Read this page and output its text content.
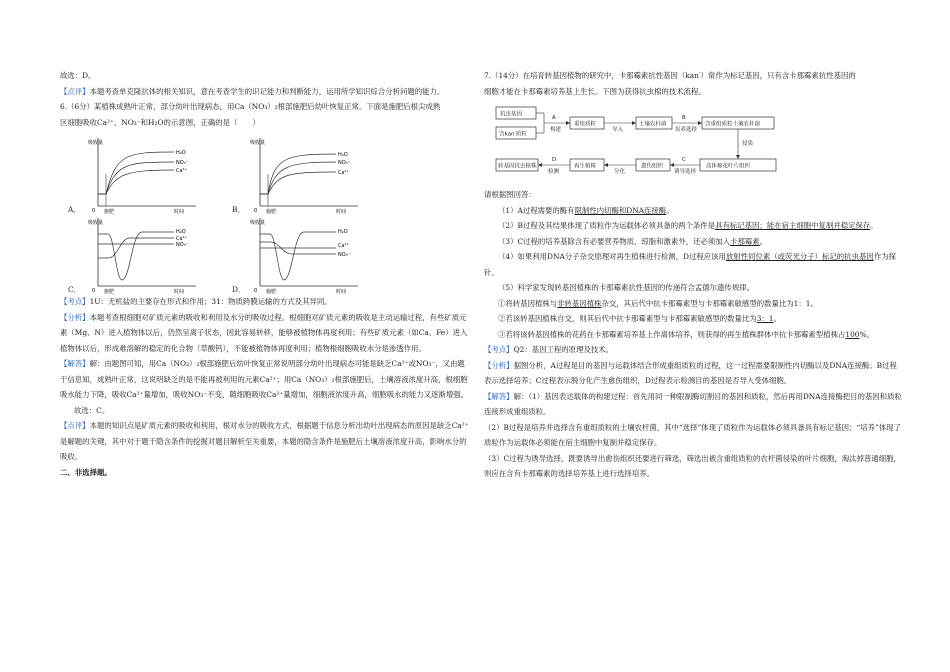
故选：D。

【点评】本题考查单克隆抗体的相关知识，意在考查学生的识记能力和判断能力，运用所学知识综合分析问题的能力。

6.（6分）某植株成熟叶正常，部分幼叶出现病态，用Ca（NO₃）₂根部施肥后幼叶恢复正常。下面是施肥后根尖成熟

区细胞吸收Ca²⁺、NO₃⁻和H₂O的示意图，正确的是（　　）

A．
吸收量
时间
0 施肥
H₂O
NO₃⁻
Ca²⁺
B．
吸收量
时间
0 施肥
H₂O
NO₃⁻
Ca²⁺
C．
吸收量
时间
0 施肥
H₂O
NO₃⁻
Ca²⁺
D．
吸收量
时间
0 施肥
H₂O
NO₃⁻
Ca²⁺

【考点】1U：无机盐的主要存在形式和作用；31：物质跨膜运输的方式及其异同。

【分析】本题考查根细胞对矿质元素的吸收和利用及水分的吸收过程。根细胞对矿质元素的吸收是主动运输过程，有些矿质元素（Mg、N）进入植物体以后，仍然呈离子状态，因此容易转移，能够被植物体再度利用；有些矿质元素（如Ca、Fe）进入植物体以后，形成难溶解的稳定的化合物（草酸钙），不能被植物体再度利用；植物根细胞吸收水分是渗透作用。

【解答】解：由题图可知，用Ca（NO₃）₂根部施肥后幼叶恢复正常说明部分幼叶出现病态可能是缺乏Ca²⁺或NO₃⁻，又由题干信息知，成熟叶正常，这说明缺乏的是不能再被利用的元素Ca²⁺；用Ca（NO₃）₂根部施肥后，土壤溶液浓度升高，根细胞吸水能力下降，吸收Ca²⁺量增加，吸收NO₃⁻不变，随细胞吸收Ca²⁺量增加，细胞液浓度升高，细胞吸水的能力又逐渐增强。

故选：C。

【点评】本题的知识点是矿质元素的吸收和利用，根对水分的吸收方式，根据题干信息分析出幼叶出现病态的原因是缺乏Ca²⁺是解题的关键，其中对于题干隐含条件的挖掘对题目解析至关重要，本题的隐含条件是施肥后土壤溶液浓度升高，影响水分的吸收。

二、非选择题。

7.（14分）在培育转基因植物的研究中，卡那霉素抗性基因（kan′）常作为标记基因，只有含卡那霉素抗性基因的

细胞才能在卡那霉素培养基上生长。下图为获得抗虫棉的技术流程。

抗虫基因
含kan′质粒
A
构建
重组质粒
导入
土壤农杆菌
B
培养选择
含重组质粒土壤农杆菌
侵染
高体棉花叶片组织
C
诱导选择
愈伤组织
分化
再生植株
D
检测
转基因抗虫植株

请根据图回答：

（1）A过程需要的酶有限制性内切酶和DNA连接酶。

（2）B过程及其结果体现了质粒作为运载体必须具备的两个条件是具有标记基因；能在宿主细胞中复制并稳定保存。

（3）C过程的培养基除含有必要营养物质、琼脂和激素外，还必须加入卡那霉素。

（4）如果利用DNA分子杂交原理对再生植株进行检测，D过程应该用放射性同位素（或荧光分子）标记的抗虫基因作为探针。

（5）科学家发现转基因植株的卡那霉素抗性基因的传递符合孟德尔遗传规律。

①将转基因植株与非转基因植株杂交，其后代中抗卡那霉素型与卡那霉素敏感型的数量比为1：1。

②若该转基因植株自交，则其后代中抗卡那霉素型与卡那霉素敏感型的数量比为3：1。

③若将该转基因植株的花药在卡那霉素培养基上作离体培养，则获得的再生植株群体中抗卡那霉素型植株占100%。

【考点】Q2：基因工程的原理及技术。

【分析】据图分析，A过程是目的基因与运载体结合形成重组质粒的过程，这一过程需要限制性内切酶以及DNA连接酶；B过程表示选择培养；C过程表示脱分化产生愈伤组织，D过程表示检测目的基因是否导入受体细胞。

【解答】解：（1）基因表达载体的构建过程：首先用同一种限制酶切割目的基因和质粒，然后再用DNA连接酶把目的基因和质粒连接形成重组质粒。

（2）B过程是培养并选择含有重组质粒的土壤农杆菌，其中“选择”体现了质粒作为运载体必须具备具有标记基因；“培养”体现了质粒作为运载体必须能在宿主细胞中复制并稳定保存。

（3）C过程为诱导选择，既要诱导出愈伤组织还要进行筛选，筛选出被含重组质粒的农杆菌侵染的叶片细胞，淘汰掉普通细胞，则应在含有卡那霉素的选择培养基上进行选择培养。
